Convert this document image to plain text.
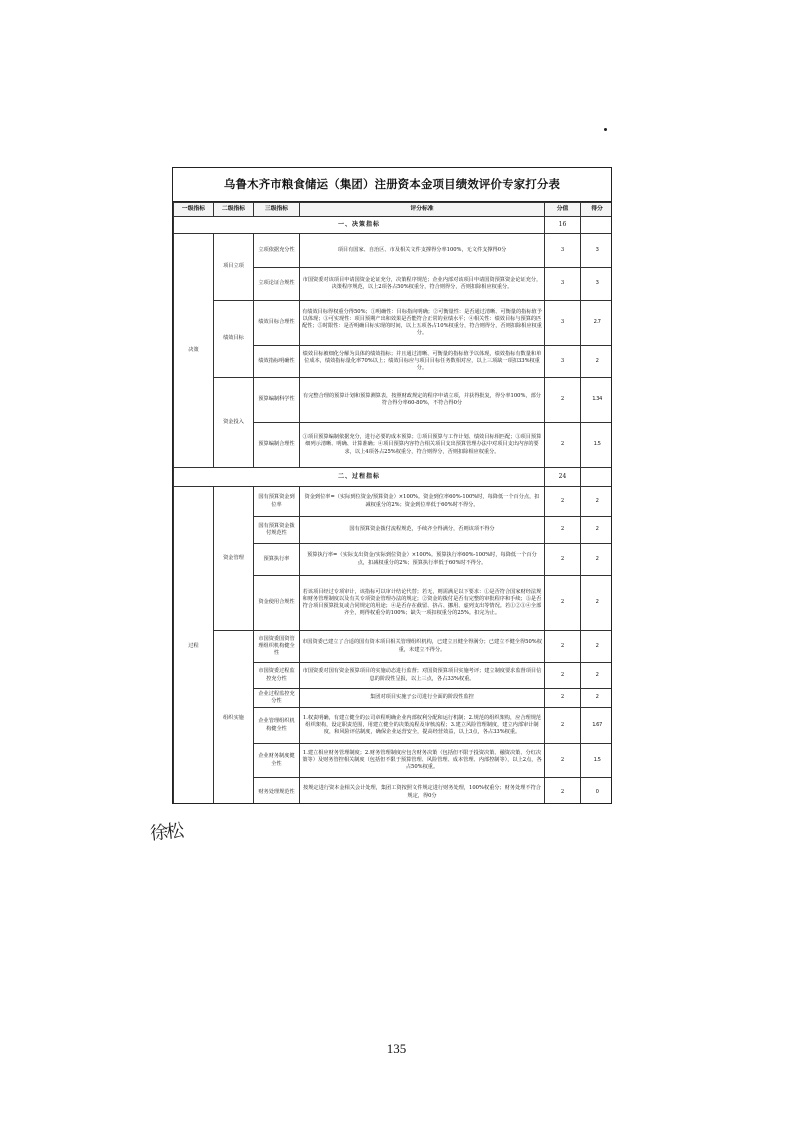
乌鲁木齐市粮食储运（集团）注册资本金项目绩效评价专家打分表
一级指标	二级指标	三级指标	评分标准	分值	得分
一、决策指标				16	
决策	项目立项	立项依据充分性	项目有国家、自治区、市及相关文件支撑得分率100%，无文件支撑得0分	3	3
		立项论证合规性	市国资委对该项目申请国资金论证充分，决策程序规范；企业内部对该项目申请国资预算资金论证充分，决策程序规范，以上2项各占50%权重分，符合则得分，否则扣除相应权重分。	3	3
	绩效目标	绩效目标合理性	有绩效目标得权重分得50%；①明确性：目标指向明确；②可衡量性：是否通过清晰、可衡量的指标值予以体现；③可实现性：项目预期产出和效果是否能符合正常的业绩水平；④相关性：绩效目标与预算的匹配性；⑤时限性：是否明确目标实现的时间，以上五项各占10%权重分，符合则得分，否则扣除相应权重分。	3	2.7
		绩效指标明确性	绩效目标被细化分解为具体的绩效指标；并且通过清晰、可衡量的指标值予以体现，绩效指标有数量和单位成本，绩效指标量化率70%以上；绩效目标应与项目目标任务数相对应，以上三项缺一项扣33%权重分。	3	2
	资金投入	预算编制科学性	有完整合理的预算计划和预算测算表，按照财政规定的程序申请立项，并获得批复，得分率100%，部分符合得分率60-80%，不符合得0分	2	1.34
		预算编制合理性	①项目预算编制依据充分，进行必要的成本预算；②项目预算与工作计划、绩效目标相匹配；③项目预算细列示清晰、明确、计算准确；④项目预算内容符合相关项目支出预算管理办法中对项目支出内容的要求，以上4项各占25%权重分，符合则得分，否则扣除相应权重分。	2	1.5
二、过程指标				24	
过程	资金管理	国有预算资金到位率	资金到位率=（实际到位资金/预算资金）×100%。资金到位率60%-100%时，每降低一个百分点，扣减权重分的2%；资金到位率低于60%时不得分。	2	2
		国有预算资金拨付规范性	国有预算资金拨付流程规范，手续齐全得满分，否则该项不得分	2	2
		预算执行率	预算执行率=（实际支出资金/实际到位资金）×100%。预算执行率60%-100%时，每降低一个百分点，扣减权重分的2%；预算执行率低于60%时不得分。	2	2
		资金使用合规性	若该项目经过专项审计，该指标可以审计结论代替；若无，则需满足以下要求：①是否符合国家财经法规和财务管理制度以及有关专项资金管理办法的规定；②资金的拨付是否有完整的审批程序和手续；③是否符合项目预算批复或合同规定的用途；④是否存在截留、挤占、挪用、虚列支出等情况。若①②③④全部齐全，则得权重分的100%；缺失一项扣权重分的25%。扣完为止。	2	2
	组织实施	市国资委国资管理组织机构健全性	市国资委已建立了合适的国有资本项目相关管理组织机构，已建立且健全得满分；已建立不健全得50%权重，未建立不得分。	2	2
		市国资委过程监控充分性	市国资委对国有资金预算项目的实施动态进行监督；对国资预算项目实施考评；建立制度要求监督项目信息的阶段性呈报，以上三点，各占33%权重。	2	2
		企业过程监控充分性	集团对项目实施子公司进行全面的阶段性监控	2	2
		企业管理组织机构健全性	1.权责明确，有建立健全的公司章程明确企业内部权利分配和运行机制；2.规范的组织架构，应合理规范组织架构，设定职责范围，用建立健全的决策流程及审核流程；3.建立风险管理制度，建立内部审计制度，和风险评估制度，确保企业运营安全，提高经营效益，以上3点，各占33%权重。	2	1.67
		企业财务制度健全性	1.建立相应财务管理制度；2.财务管理制度应包含财务决策（包括但不限于投资决策、融资决策、分红决策等）及财务管控相关制度（包括但不限于预算管理、风险管理、成本管理、内部控制等），以上2点，各占50%权重。	2	1.5
		财务处理规范性	按规定进行资本金相关会计处理，集团工资按照文件规定进行财务处理，100%权重分；财务处理不符合规定，得0分	2	0
徐松
135
